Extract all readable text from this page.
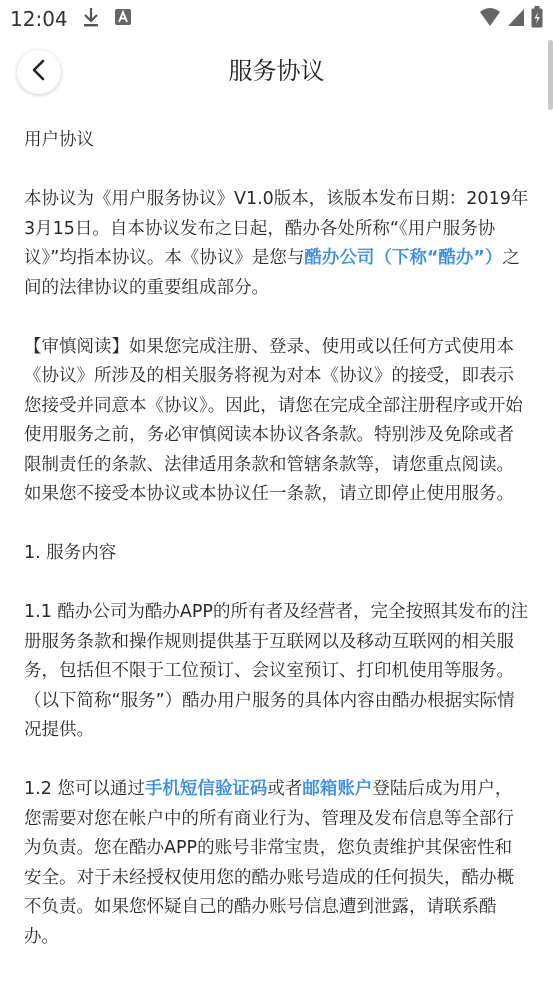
12:04
服务协议

用户协议

本协议为《用户服务协议》V1.0版本，该版本发布日期：2019年3月15日。自本协议发布之日起，酷办各处所称“《用户服务协议》”均指本协议。本《协议》是您与酷办公司（下称“酷办”）之间的法律协议的重要组成部分。

【审慎阅读】如果您完成注册、登录、使用或以任何方式使用本《协议》所涉及的相关服务将视为对本《协议》的接受，即表示您接受并同意本《协议》。因此，请您在完成全部注册程序或开始使用服务之前，务必审慎阅读本协议各条款。特别涉及免除或者限制责任的条款、法律适用条款和管辖条款等，请您重点阅读。如果您不接受本协议或本协议任一条款，请立即停止使用服务。

1. 服务内容

1.1 酷办公司为酷办APP的所有者及经营者，完全按照其发布的注册服务条款和操作规则提供基于互联网以及移动互联网的相关服务，包括但不限于工位预订、会议室预订、打印机使用等服务。（以下简称“服务”）酷办用户服务的具体内容由酷办根据实际情况提供。

1.2 您可以通过手机短信验证码或者邮箱账户登陆后成为用户，您需要对您在帐户中的所有商业行为、管理及发布信息等全部行为负责。您在酷办APP的账号非常宝贵，您负责维护其保密性和安全。对于未经授权使用您的酷办账号造成的任何损失，酷办概不负责。如果您怀疑自己的酷办账号信息遭到泄露，请联系酷办。
